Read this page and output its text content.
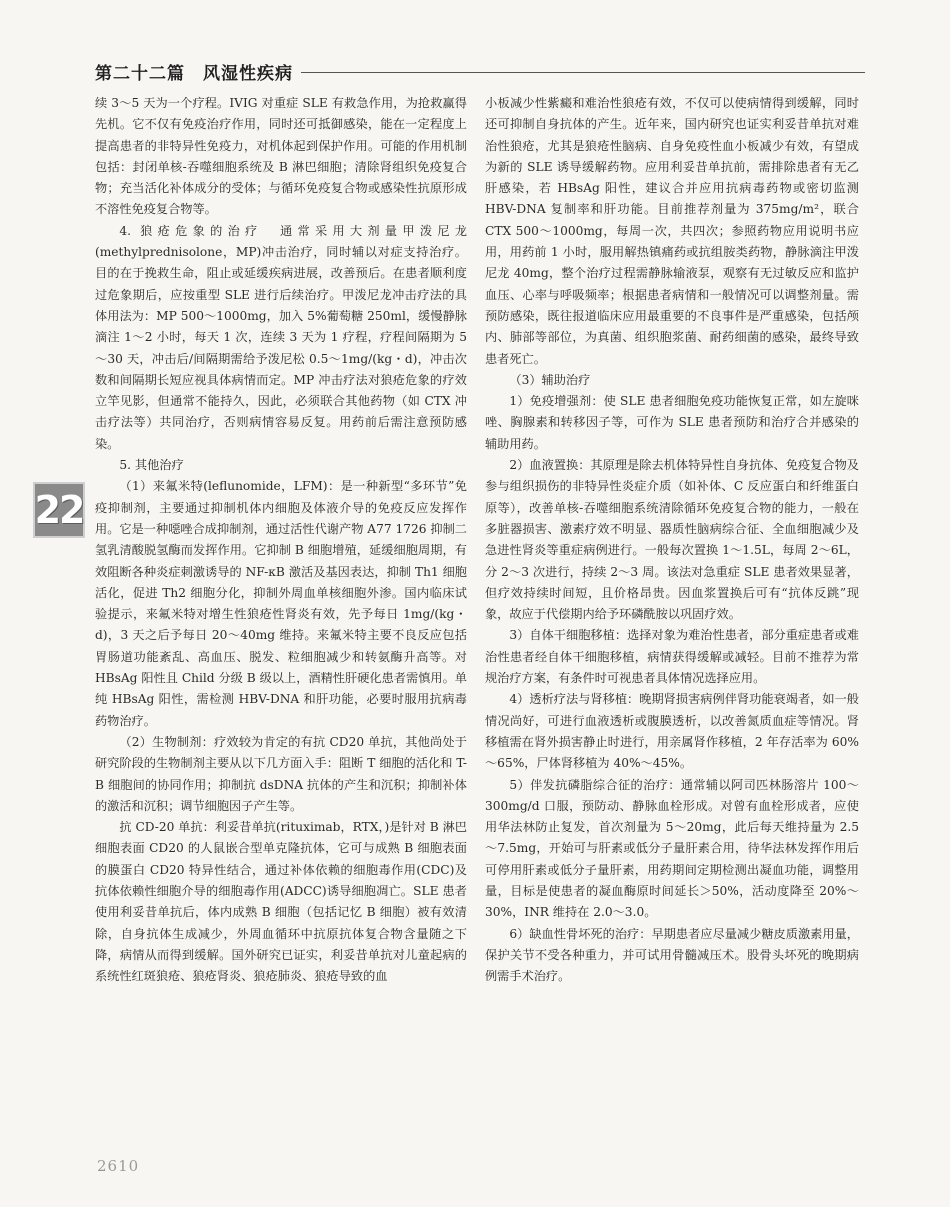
第二十二篇　风湿性疾病

续 3～5 天为一个疗程。IVIG 对重症 SLE 有救急作用，为抢救赢得先机。它不仅有免疫治疗作用，同时还可抵御感染，能在一定程度上提高患者的非特异性免疫力，对机体起到保护作用。可能的作用机制包括：封闭单核-吞噬细胞系统及 B 淋巴细胞；清除肾组织免疫复合物；充当活化补体成分的受体；与循环免疫复合物或感染性抗原形成不溶性免疫复合物等。

4. 狼疮危象的治疗　通常采用大剂量甲泼尼龙(methylprednisolone，MP)冲击治疗，同时辅以对症支持治疗。目的在于挽救生命，阻止或延缓疾病进展，改善预后。在患者顺利度过危象期后，应按重型 SLE 进行后续治疗。甲泼尼龙冲击疗法的具体用法为：MP 500～1000mg，加入 5%葡萄糖 250ml，缓慢静脉滴注 1～2 小时，每天 1 次，连续 3 天为 1 疗程，疗程间隔期为 5～30 天，冲击后/间隔期需给予泼尼松 0.5～1mg/(kg・d)，冲击次数和间隔期长短应视具体病情而定。MP 冲击疗法对狼疮危象的疗效立竿见影，但通常不能持久，因此，必须联合其他药物（如 CTX 冲击疗法等）共同治疗，否则病情容易反复。用药前后需注意预防感染。

5. 其他治疗

（1）来氟米特(leflunomide，LFM)：是一种新型“多环节”免疫抑制剂，主要通过抑制机体内细胞及体液介导的免疫反应发挥作用。它是一种噁唑合成抑制剂，通过活性代谢产物 A77 1726 抑制二氢乳清酸脱氢酶而发挥作用。它抑制 B 细胞增殖，延缓细胞周期，有效阻断各种炎症刺激诱导的 NF-κB 激活及基因表达，抑制 Th1 细胞活化，促进 Th2 细胞分化，抑制外周血单核细胞外渗。国内临床试验提示，来氟米特对增生性狼疮性肾炎有效，先予每日 1mg/(kg・d)，3 天之后予每日 20～40mg 维持。来氟米特主要不良反应包括胃肠道功能紊乱、高血压、脱发、粒细胞减少和转氨酶升高等。对 HBsAg 阳性且 Child 分级 B 级以上，酒精性肝硬化患者需慎用。单纯 HBsAg 阳性，需检测 HBV-DNA 和肝功能，必要时服用抗病毒药物治疗。

（2）生物制剂：疗效较为肯定的有抗 CD20 单抗，其他尚处于研究阶段的生物制剂主要从以下几方面入手：阻断 T 细胞的活化和 T-B 细胞间的协同作用；抑制抗 dsDNA 抗体的产生和沉积；抑制补体的激活和沉积；调节细胞因子产生等。

抗 CD-20 单抗：利妥昔单抗(rituximab，RTX，)是针对 B 淋巴细胞表面 CD20 的人鼠嵌合型单克隆抗体，它可与成熟 B 细胞表面的膜蛋白 CD20 特异性结合，通过补体依赖的细胞毒作用(CDC)及抗体依赖性细胞介导的细胞毒作用(ADCC)诱导细胞凋亡。SLE 患者使用利妥昔单抗后，体内成熟 B 细胞（包括记忆 B 细胞）被有效清除，自身抗体生成减少，外周血循环中抗原抗体复合物含量随之下降，病情从而得到缓解。国外研究已证实，利妥昔单抗对儿童起病的系统性红斑狼疮、狼疮肾炎、狼疮肺炎、狼疮导致的血

小板减少性紫癜和难治性狼疮有效，不仅可以使病情得到缓解，同时还可抑制自身抗体的产生。近年来，国内研究也证实利妥昔单抗对难治性狼疮，尤其是狼疮性脑病、自身免疫性血小板减少有效，有望成为新的 SLE 诱导缓解药物。应用利妥昔单抗前，需排除患者有无乙肝感染，若 HBsAg 阳性，建议合并应用抗病毒药物或密切监测 HBV-DNA 复制率和肝功能。目前推荐剂量为 375mg/m²，联合 CTX 500～1000mg，每周一次，共四次；参照药物应用说明书应用，用药前 1 小时，服用解热镇痛药或抗组胺类药物，静脉滴注甲泼尼龙 40mg，整个治疗过程需静脉输液泵，观察有无过敏反应和监护血压、心率与呼吸频率；根据患者病情和一般情况可以调整剂量。需预防感染，既往报道临床应用最重要的不良事件是严重感染，包括颅内、肺部等部位，为真菌、组织胞浆菌、耐药细菌的感染，最终导致患者死亡。

（3）辅助治疗

1）免疫增强剂：使 SLE 患者细胞免疫功能恢复正常，如左旋咪唑、胸腺素和转移因子等，可作为 SLE 患者预防和治疗合并感染的辅助用药。

2）血液置换：其原理是除去机体特异性自身抗体、免疫复合物及参与组织损伤的非特异性炎症介质（如补体、C 反应蛋白和纤维蛋白原等），改善单核-吞噬细胞系统清除循环免疫复合物的能力，一般在多脏器损害、激素疗效不明显、器质性脑病综合征、全血细胞减少及急进性肾炎等重症病例进行。一般每次置换 1～1.5L，每周 2～6L，分 2～3 次进行，持续 2～3 周。该法对急重症 SLE 患者效果显著，但疗效持续时间短，且价格昂贵。因血浆置换后可有“抗体反跳”现象，故应于代偿期内给予环磷酰胺以巩固疗效。

3）自体干细胞移植：选择对象为难治性患者，部分重症患者或难治性患者经自体干细胞移植，病情获得缓解或减轻。目前不推荐为常规治疗方案，有条件时可视患者具体情况选择应用。

4）透析疗法与肾移植：晚期肾损害病例伴肾功能衰竭者，如一般情况尚好，可进行血液透析或腹膜透析，以改善氮质血症等情况。肾移植需在肾外损害静止时进行，用亲属肾作移植，2 年存活率为 60%～65%，尸体肾移植为 40%～45%。

5）伴发抗磷脂综合征的治疗：通常辅以阿司匹林肠溶片 100～300mg/d 口服，预防动、静脉血栓形成。对曾有血栓形成者，应使用华法林防止复发，首次剂量为 5～20mg，此后每天维持量为 2.5～7.5mg，开始可与肝素或低分子量肝素合用，待华法林发挥作用后可停用肝素或低分子量肝素，用药期间定期检测出凝血功能，调整用量，目标是使患者的凝血酶原时间延长＞50%，活动度降至 20%～30%，INR 维持在 2.0～3.0。

6）缺血性骨坏死的治疗：早期患者应尽量减少糖皮质激素用量，保护关节不受各种重力，并可试用骨髓减压术。股骨头坏死的晚期病例需手术治疗。

22
2610
